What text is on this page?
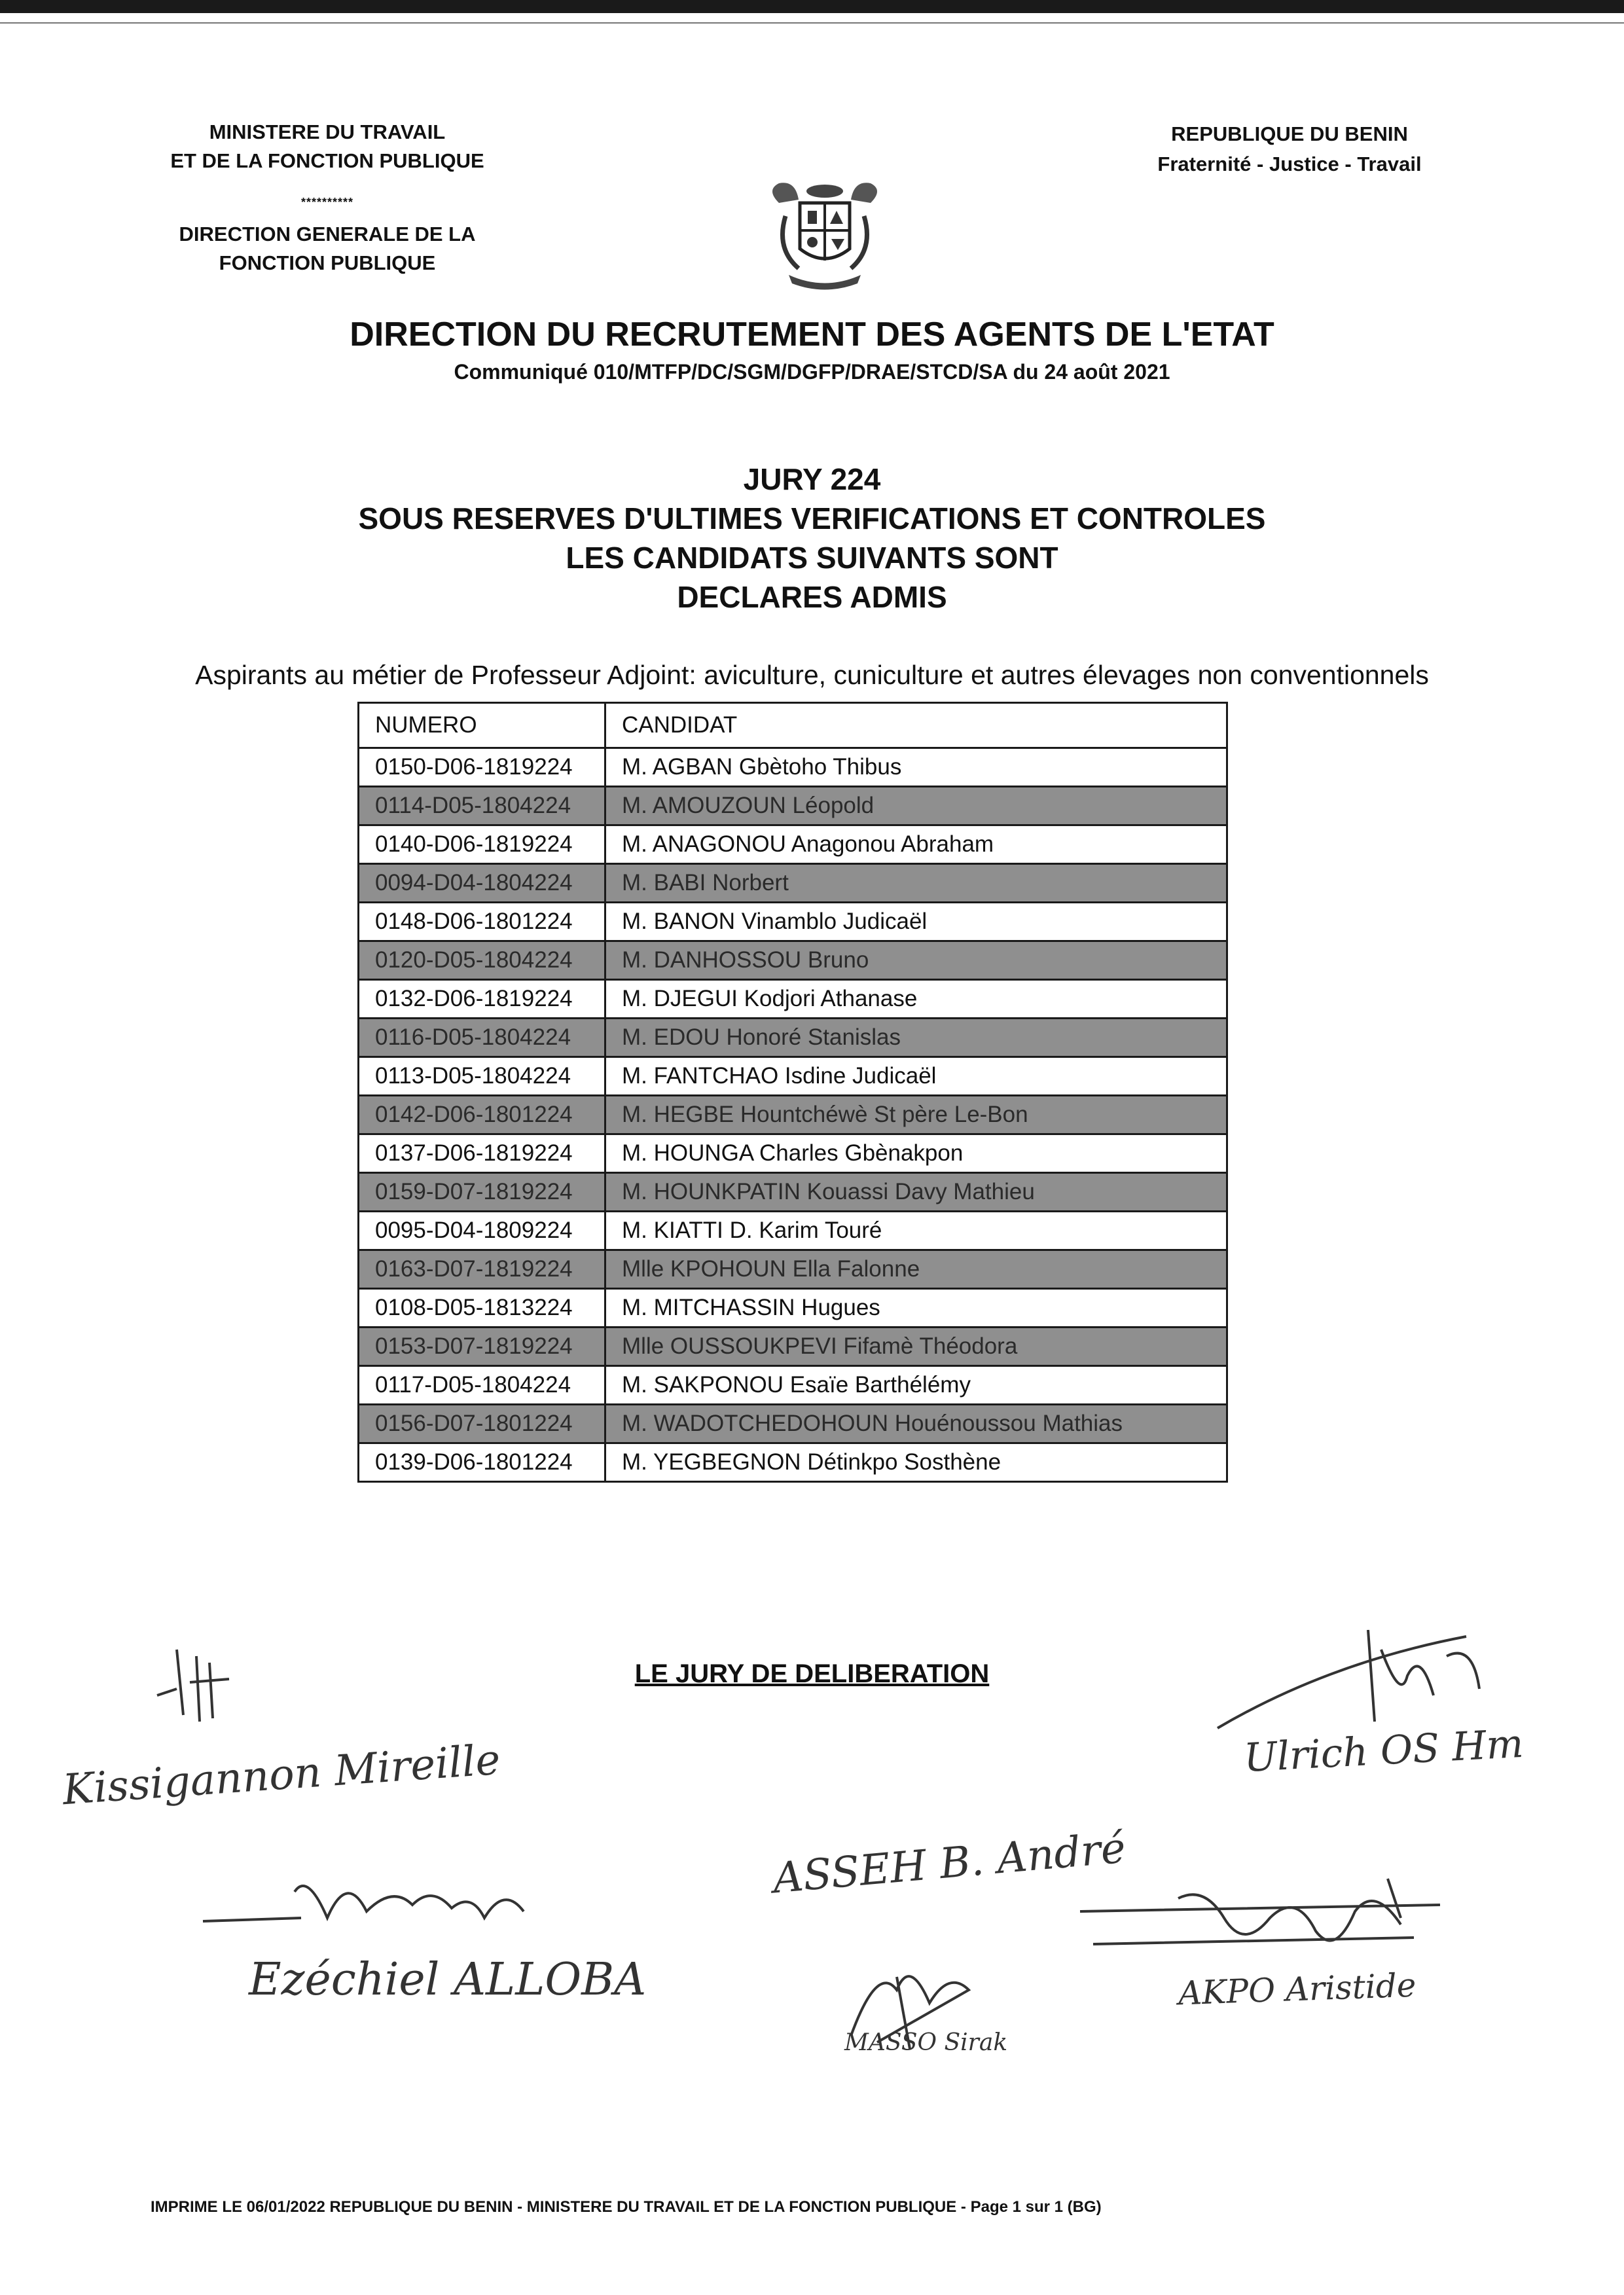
MINISTERE DU TRAVAIL
ET DE LA FONCTION PUBLIQUE
**********
DIRECTION GENERALE DE LA
FONCTION PUBLIQUE
REPUBLIQUE DU BENIN
Fraternité - Justice - Travail
DIRECTION DU RECRUTEMENT DES AGENTS DE L'ETAT
Communiqué 010/MTFP/DC/SGM/DGFP/DRAE/STCD/SA du 24 août 2021
JURY 224
SOUS RESERVES D'ULTIMES VERIFICATIONS ET CONTROLES
LES CANDIDATS SUIVANTS SONT
DECLARES ADMIS
Aspirants au métier de Professeur Adjoint: aviculture, cuniculture et autres élevages non conventionnels
NUMERO	CANDIDAT
0150-D06-1819224	M. AGBAN Gbètoho Thibus
0114-D05-1804224	M. AMOUZOUN Léopold
0140-D06-1819224	M. ANAGONOU Anagonou Abraham
0094-D04-1804224	M. BABI Norbert
0148-D06-1801224	M. BANON Vinamblo Judicaël
0120-D05-1804224	M. DANHOSSOU Bruno
0132-D06-1819224	M. DJEGUI Kodjori Athanase
0116-D05-1804224	M. EDOU Honoré Stanislas
0113-D05-1804224	M. FANTCHAO Isdine Judicaël
0142-D06-1801224	M. HEGBE Hountchéwè St père Le-Bon
0137-D06-1819224	M. HOUNGA Charles Gbènakpon
0159-D07-1819224	M. HOUNKPATIN Kouassi Davy Mathieu
0095-D04-1809224	M. KIATTI D. Karim Touré
0163-D07-1819224	Mlle KPOHOUN Ella Falonne
0108-D05-1813224	M. MITCHASSIN Hugues
0153-D07-1819224	Mlle OUSSOUKPEVI Fifamè Théodora
0117-D05-1804224	M. SAKPONOU Esaïe Barthélémy
0156-D07-1801224	M. WADOTCHEDOHOUN Houénoussou Mathias
0139-D06-1801224	M. YEGBEGNON Détinkpo Sosthène
LE JURY DE DELIBERATION
Kissigannon Mireille
Ezéchiel ALLOBA
ASSEH B. André
MASSO Sirak
Ulrich OS Hm
AKPO Aristide
IMPRIME LE 06/01/2022 REPUBLIQUE DU BENIN - MINISTERE DU TRAVAIL ET DE LA FONCTION PUBLIQUE - Page 1 sur 1 (BG)
